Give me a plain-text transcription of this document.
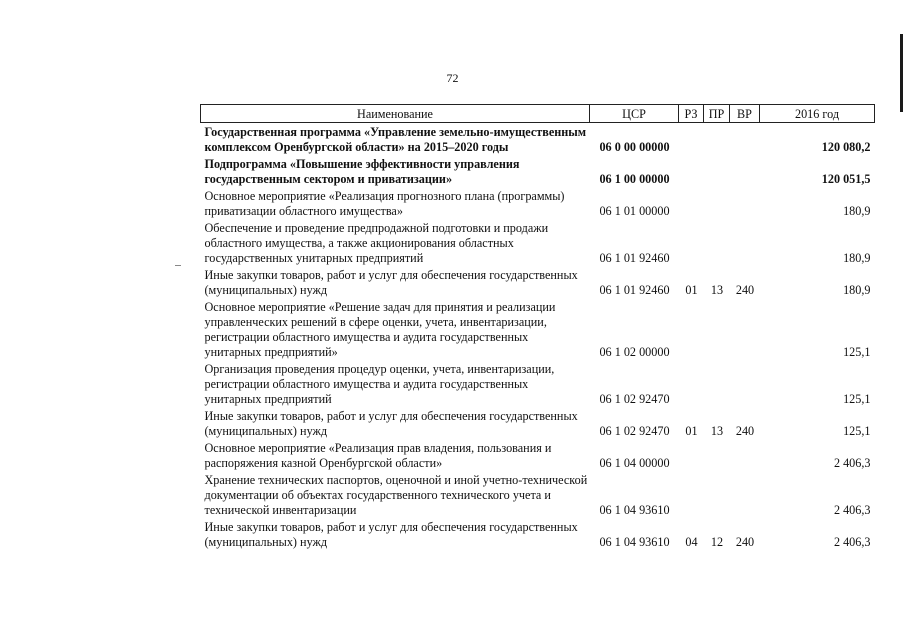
72
Наименование	ЦСР	РЗ	ПР	ВР	2016 год
Государственная программа «Управление земельно-имущественным комплексом Оренбургской области» на 2015–2020 годы	06 0 00 00000				120 080,2
Подпрограмма «Повышение эффективности управления государственным сектором и приватизации»	06 1 00 00000				120 051,5
Основное мероприятие «Реализация прогнозного плана (программы) приватизации областного имущества»	06 1 01 00000				180,9
Обеспечение и проведение предпродажной подготовки и продажи областного имущества, а также акционирования областных государственных унитарных предприятий	06 1 01 92460				180,9
Иные закупки товаров, работ и услуг для обеспечения государственных (муниципальных) нужд	06 1 01 92460	01	13	240	180,9
Основное мероприятие «Решение задач для принятия и реализации управленческих решений в сфере оценки, учета, инвентаризации, регистрации областного имущества и аудита государственных унитарных предприятий»	06 1 02 00000				125,1
Организация проведения процедур оценки, учета, инвентаризации, регистрации областного имущества и аудита государственных унитарных предприятий	06 1 02 92470				125,1
Иные закупки товаров, работ и услуг для обеспечения государственных (муниципальных) нужд	06 1 02 92470	01	13	240	125,1
Основное мероприятие «Реализация прав владения, пользования и распоряжения казной Оренбургской области»	06 1 04 00000				2 406,3
Хранение технических паспортов, оценочной и иной учетно-технической документации об объектах государственного технического учета и технической инвентаризации	06 1 04 93610				2 406,3
Иные закупки товаров, работ и услуг для обеспечения государственных (муниципальных) нужд	06 1 04 93610	04	12	240	2 406,3
